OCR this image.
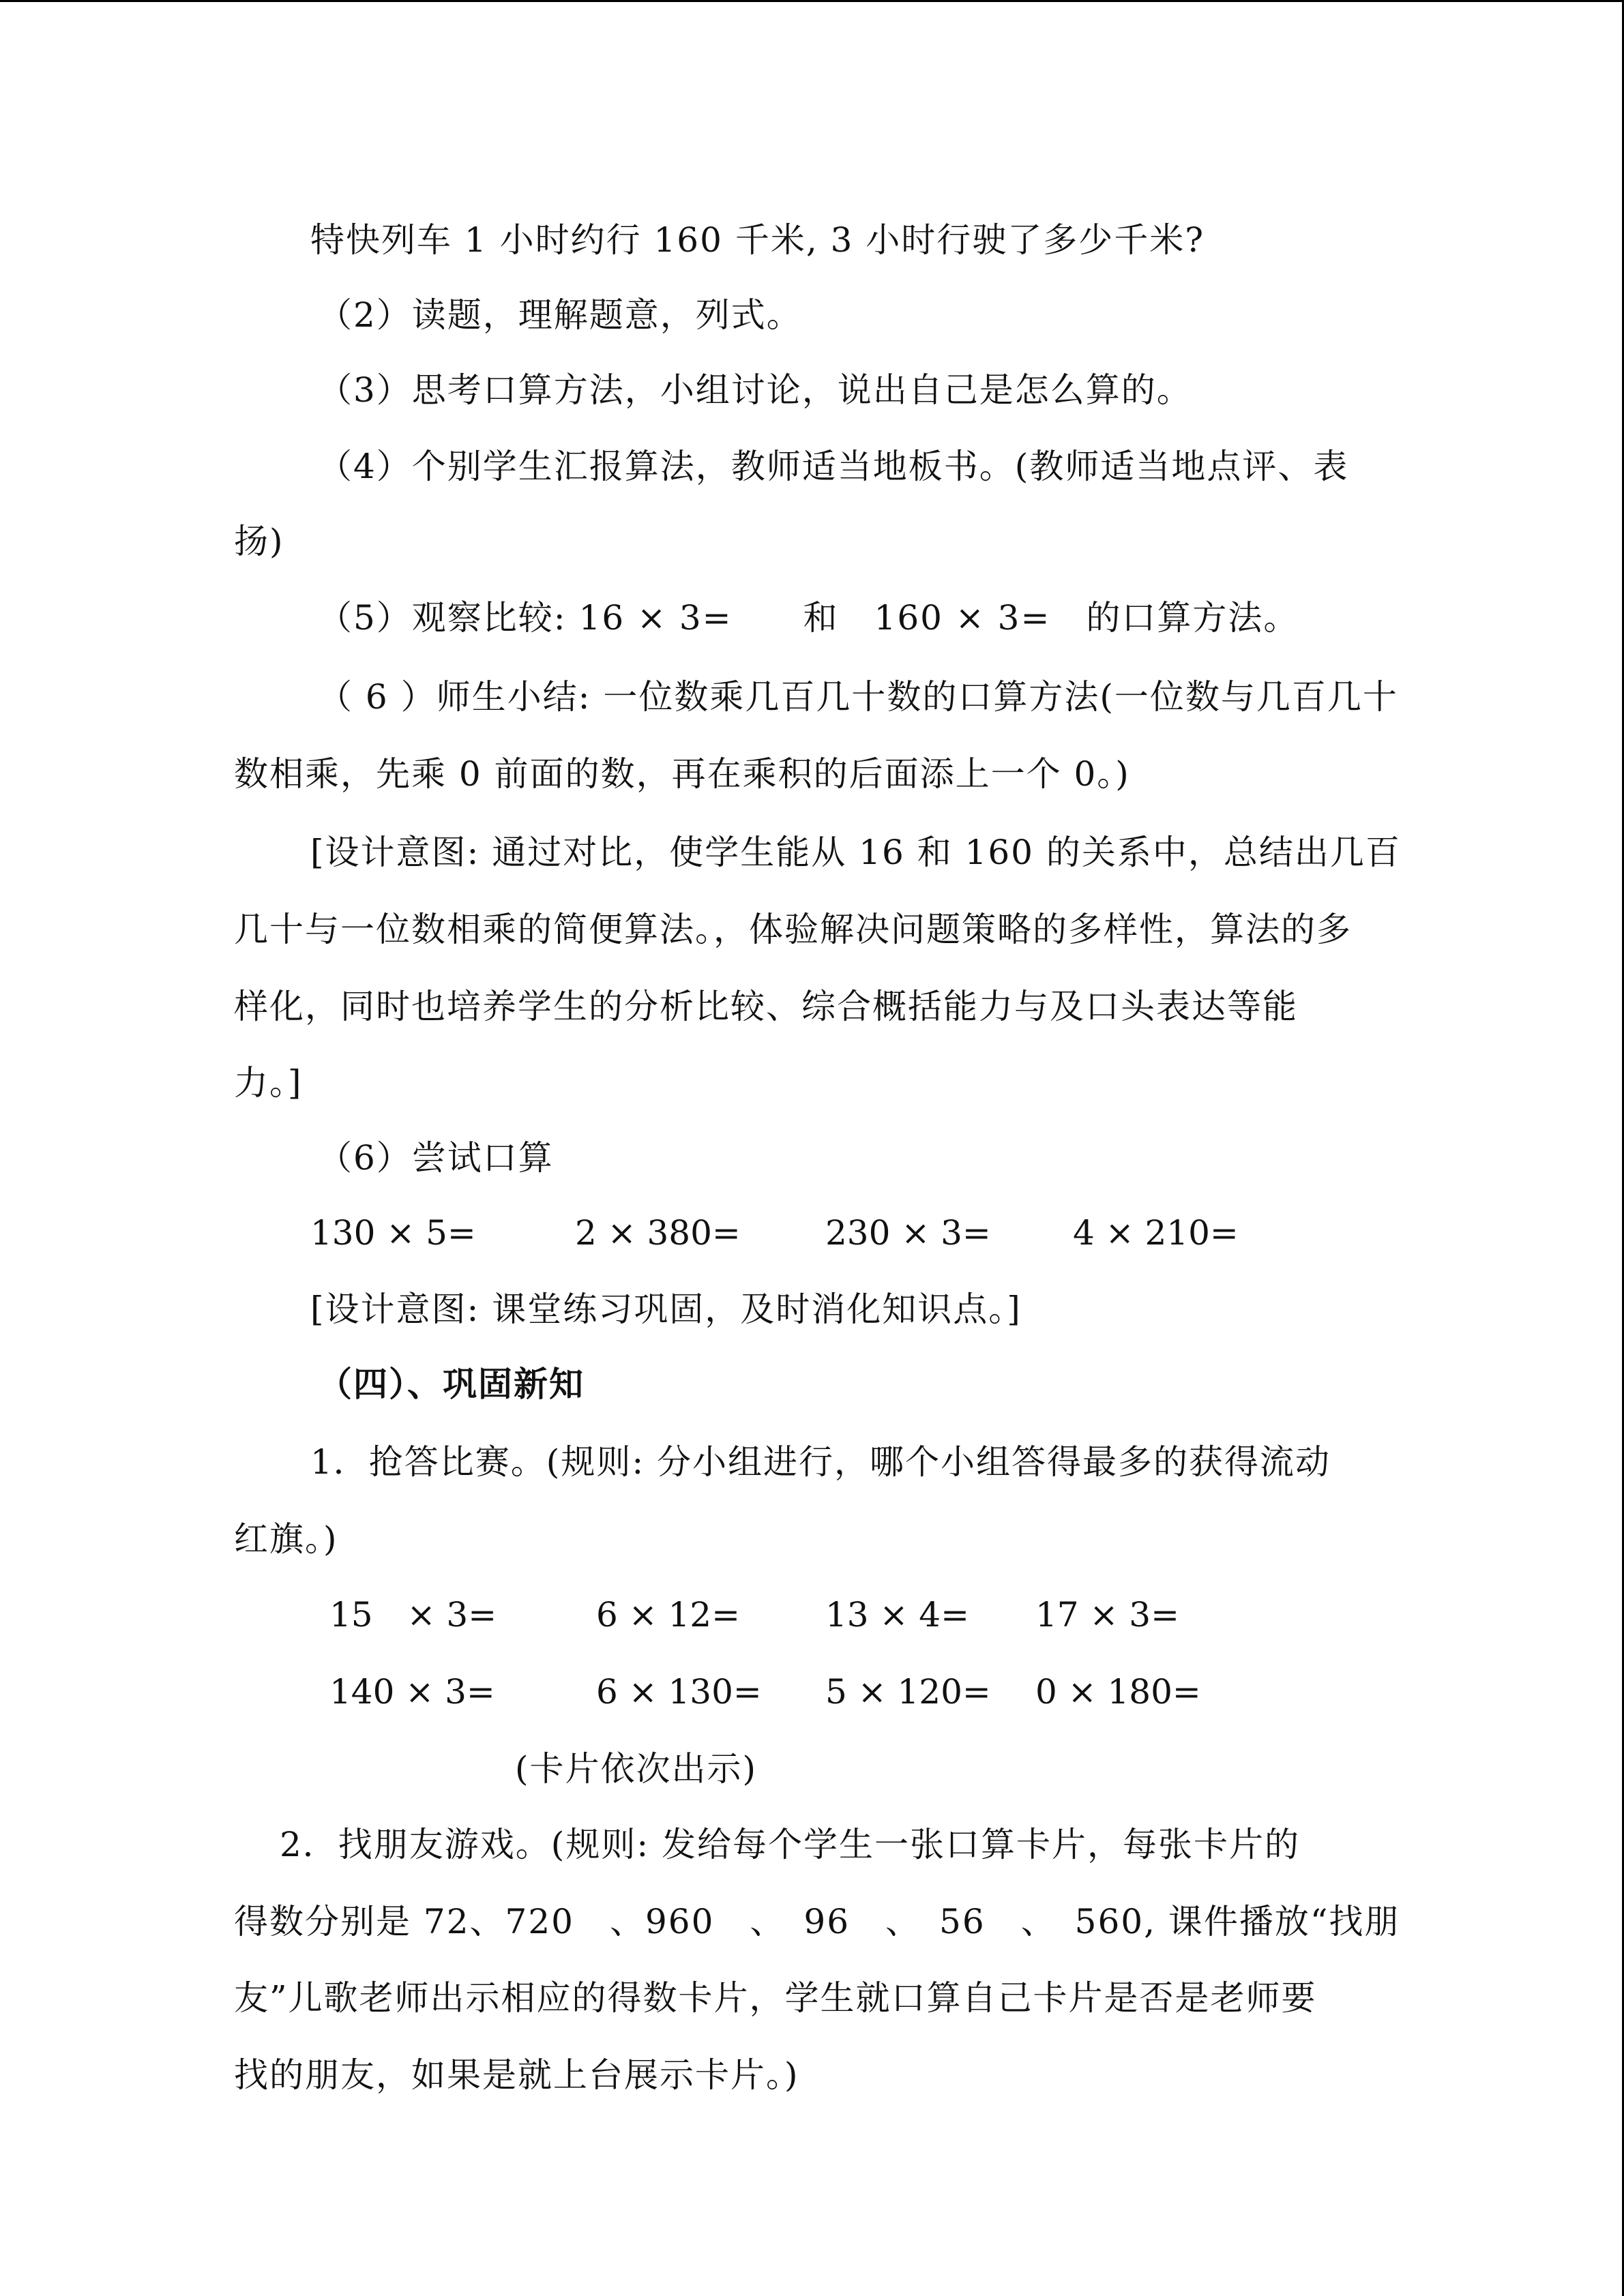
特快列车 1 小时约行 160 千米, 3 小时行驶了多少千米?
（2）读题，理解题意，列式。
（3）思考口算方法，小组讨论，说出自己是怎么算的。
（4）个别学生汇报算法，教师适当地板书。(教师适当地点评、表
扬)
（5）观察比较: 16 × 3=　　和　160 × 3=　的口算方法。
（ 6 ）师生小结: 一位数乘几百几十数的口算方法(一位数与几百几十
数相乘，先乘 0 前面的数，再在乘积的后面添上一个 0。)
[设计意图: 通过对比，使学生能从 16 和 160 的关系中，总结出几百
几十与一位数相乘的简便算法。，体验解决问题策略的多样性，算法的多
样化，同时也培养学生的分析比较、综合概括能力与及口头表达等能
力。]
（6）尝试口算
130 × 5=	2 × 380= 230 × 3= 4 × 210=
[设计意图: 课堂练习巩固，及时消化知识点。]
（四）、巩固新知
1．抢答比赛。(规则: 分小组进行，哪个小组答得最多的获得流动
红旗。)
15　× 3=	6 × 12= 13 × 4= 17 × 3=
140 × 3=	6 × 130= 5 × 120= 0 × 180=
(卡片依次出示)
2．找朋友游戏。(规则: 发给每个学生一张口算卡片，每张卡片的
得数分别是 72、720　、960　、　96　、　56　、　560, 课件播放“找朋
友”儿歌老师出示相应的得数卡片，学生就口算自己卡片是否是老师要
找的朋友，如果是就上台展示卡片。)
